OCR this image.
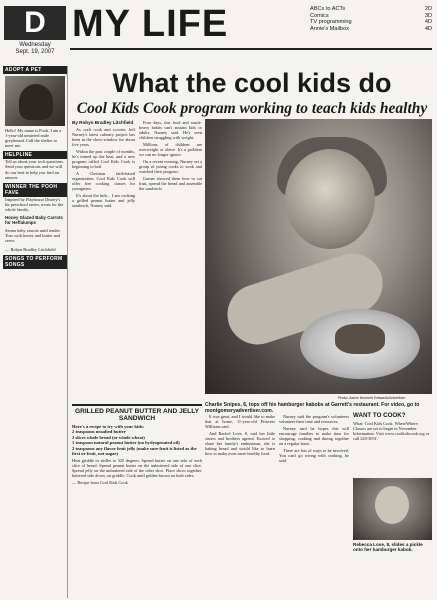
D
Wednesday
Sept. 19, 2007
MY LIFE	ABCs to ACTs	2D
Comics	3D
TV programming	4D
Annie's Mailbox	4D
ADOPT A PET
Hello! My name is Pooh. I am a 1-year-old neutered male greyhound. Call the shelter to meet me.
HELPLINE
Tell us about your tech questions. Send your questions and we will do our best to help you find an answer.
WINNER THE POOH FAVE
Inspired by Playhouse Disney's hit preschool series, treats for the whole family.
Honey Glazed Baby Carrots for Heffalumps
Steam baby carrots until tender. Toss with honey and butter and serve.
— Robyn Bradley Litchfield
SONGS TO PERFORM SONGS
What the cool kids do
Cool Kids Cook program working to teach kids healthy
By Robyn Bradley Litchfield

As craft cook and scooter, Jeff Nurney's latest culinary project has been in the show-window for about five years.

Within the past couple of months, he's turned up the heat, and a new program called Cool Kids Cook is beginning to boil.

A Christian faith-based organization, Cool Kids Cook will offer free cooking classes for youngsters.

It's about the kids... I am cooking a grilled peanut butter and jelly sandwich, Nurney said.

Four days, fast food and snack-heavy habits can't sustain kids or adults, Nurney said. He's seen children struggling with weight.

Millions of children are overweight or obese. It's a problem we can no longer ignore.

On a recent evening, Nurney set a group of young cooks to work and watched their progress.

Garner showed them how to cut fruit, spread the bread and assemble the sandwich.

Photo: Aaron Kenneth Edwards/Advertiser
Charlie Snipes, 6, tops off his hamburger kabobs at Garrett's restaurant. For video, go to montgomeryadvertiser.com.
GRILLED PEANUT BUTTER AND JELLY SANDWICH
Here's a recipe to try with your kids:
2 teaspoons unsalted butter
2 slices whole bread (or whole wheat)
1 teaspoon natural peanut butter (no hydrogenated oil)
2 teaspoons any flavor fruit jelly (make sure fruit is listed as the first or fruit, not sugar)
Heat griddle or skillet to 325 degrees. Spread butter on one side of each slice of bread. Spread peanut butter on the unbuttered side of one slice. Spread jelly on the unbuttered side of the other slice. Place slices together, buttered side down, on griddle. Cook until golden brown on both sides.
— Recipe from Cool Kids Cook

It was great, and I would like to make that at home, 11-year-old Princess Williams said.

And Rachel Love, 8, said her little sisters and brothers agreed. Excited to share her family's enthusiasm, she is baking bread and would like to learn how to make even more healthy food.

Nurney said the program's volunteers volunteer their time and resources.

Nurney said he hopes this will encourage families to make time for shopping, cooking and dining together on a regular basis.

There are lots of ways to be involved. You can't go wrong with cooking, he said.

WANT TO COOK?
What: Cool Kids Cook. When/Where: Classes are set to begin in November. Information: Visit www.coolkidscook.org or call 220-3051.
Rebecca Love, 8, slides a pickle onto her hamburger kabob.
